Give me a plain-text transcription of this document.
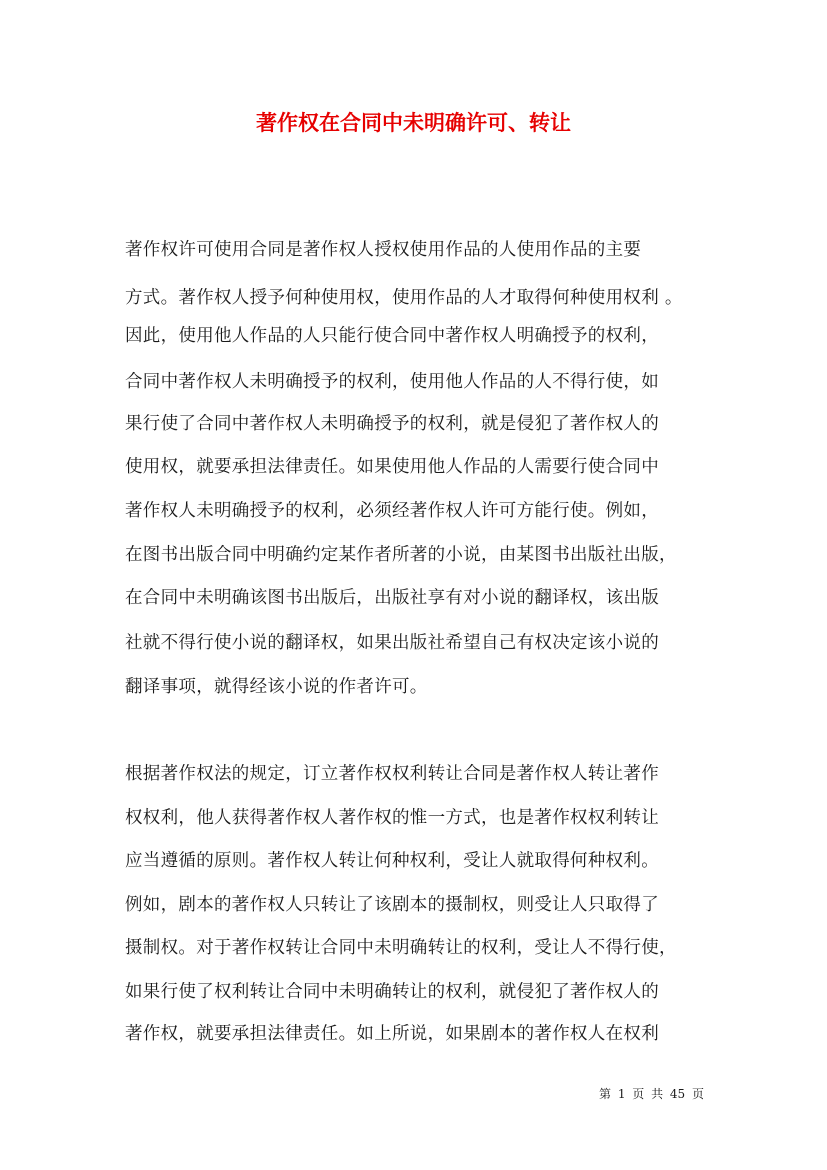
著作权在合同中未明确许可、转让
著作权许可使用合同是著作权人授权使用作品的人使用作品的主要
方式。著作权人授予何种使用权，使用作品的人才取得何种使用权利 。
因此，使用他人作品的人只能行使合同中著作权人明确授予的权利，
合同中著作权人未明确授予的权利，使用他人作品的人不得行使，如
果行使了合同中著作权人未明确授予的权利，就是侵犯了著作权人的
使用权，就要承担法律责任。如果使用他人作品的人需要行使合同中
著作权人未明确授予的权利，必须经著作权人许可方能行使。例如，
在图书出版合同中明确约定某作者所著的小说，由某图书出版社出版，
在合同中未明确该图书出版后，出版社享有对小说的翻译权，该出版
社就不得行使小说的翻译权，如果出版社希望自己有权决定该小说的
翻译事项，就得经该小说的作者许可。
根据著作权法的规定，订立著作权权利转让合同是著作权人转让著作
权权利，他人获得著作权人著作权的惟一方式，也是著作权权利转让
应当遵循的原则。著作权人转让何种权利，受让人就取得何种权利。
例如，剧本的著作权人只转让了该剧本的摄制权，则受让人只取得了
摄制权。对于著作权转让合同中未明确转让的权利，受让人不得行使，
如果行使了权利转让合同中未明确转让的权利，就侵犯了著作权人的
著作权，就要承担法律责任。如上所说，如果剧本的著作权人在权利
第 1 页 共 45 页
